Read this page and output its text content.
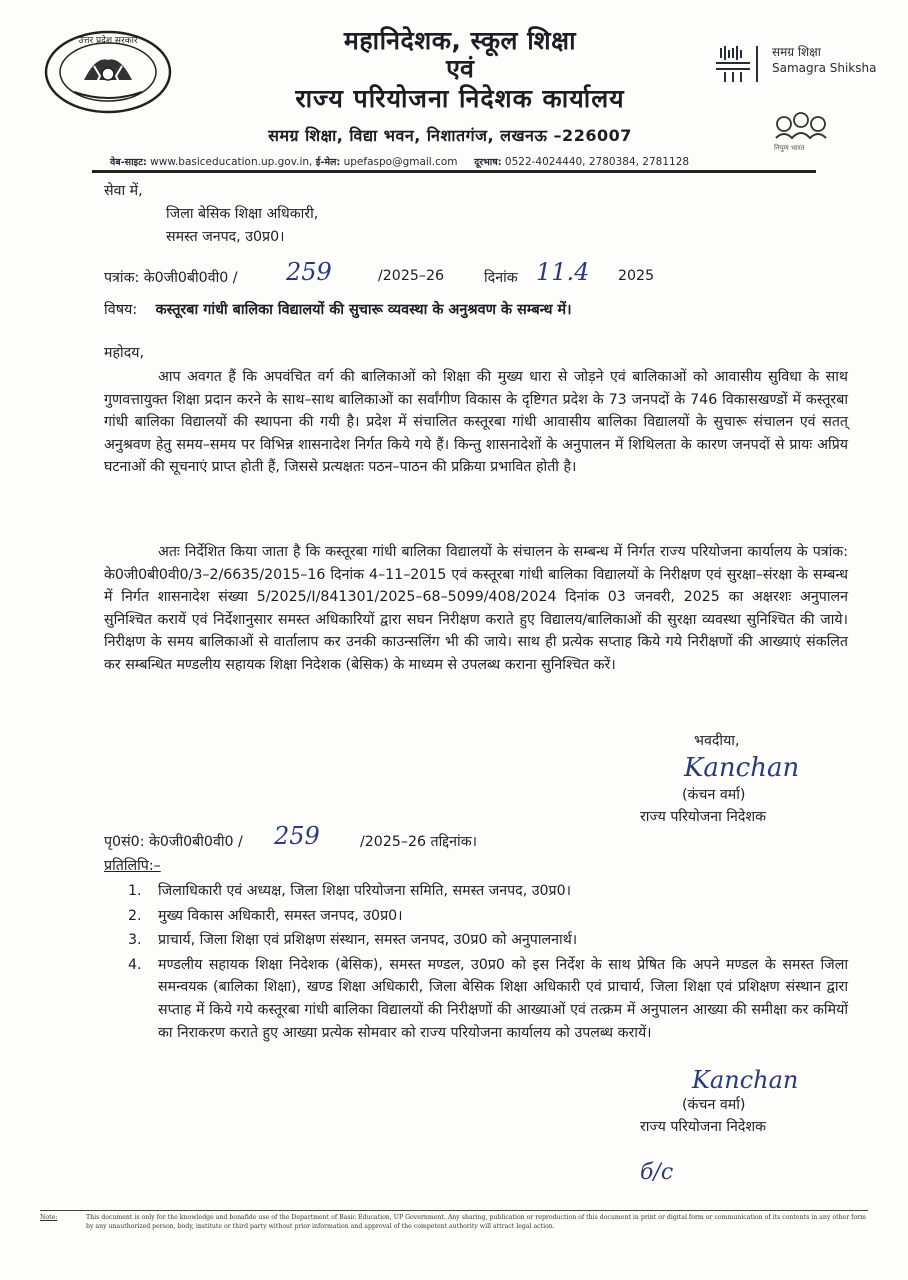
उत्तर प्रदेश सरकार	महानिदेशक, स्कूल शिक्षा
एवं
राज्य परियोजना निदेशक कार्यालय
समग्र शिक्षा, विद्या भवन, निशातगंज, लखनऊ –226007
समग्र शिक्षा
Samagra Shiksha
निपुण भारत
वेब-साइट: www.basiceducation.up.gov.in, ई-मेल: upefaspo@gmail.com दूरभाष: 0522-4024440, 2780384, 2781128
सेवा में,
जिला बेसिक शिक्षा अधिकारी,
समस्त जनपद, उ0प्र0।
पत्रांक: के0जी0बी0वी0 / 259	/2025–26	दिनांक 11.4 2025
विषय: कस्तूरबा गांधी बालिका विद्यालयों की सुचारू व्यवस्था के अनुश्रवण के सम्बन्ध में।
महोदय,
आप अवगत हैं कि अपवंचित वर्ग की बालिकाओं को शिक्षा की मुख्य धारा से जोड़ने एवं बालिकाओं को आवासीय सुविधा के साथ गुणवत्तायुक्त शिक्षा प्रदान करने के साथ–साथ बालिकाओं का सर्वांगीण विकास के दृष्टिगत प्रदेश के 73 जनपदों के 746 विकासखण्डों में कस्तूरबा गांधी बालिका विद्यालयों की स्थापना की गयी है। प्रदेश में संचालित कस्तूरबा गांधी आवासीय बालिका विद्यालयों के सुचारू संचालन एवं सतत् अनुश्रवण हेतु समय–समय पर विभिन्न शासनादेश निर्गत किये गये हैं। किन्तु शासनादेशों के अनुपालन में शिथिलता के कारण जनपदों से प्रायः अप्रिय घटनाओं की सूचनाएं प्राप्त होती हैं, जिससे प्रत्यक्षतः पठन–पाठन की प्रक्रिया प्रभावित होती है।
अतः निर्देशित किया जाता है कि कस्तूरबा गांधी बालिका विद्यालयों के संचालन के सम्बन्ध में निर्गत राज्य परियोजना कार्यालय के पत्रांक: के0जी0बी0वी0/3–2/6635/2015–16 दिनांक 4–11–2015 एवं कस्तूरबा गांधी बालिका विद्यालयों के निरीक्षण एवं सुरक्षा–संरक्षा के सम्बन्ध में निर्गत शासनादेश संख्या 5/2025/I/841301/2025–68–5099/408/2024 दिनांक 03 जनवरी, 2025 का अक्षरशः अनुपालन सुनिश्चित करायें एवं निर्देशानुसार समस्त अधिकारियों द्वारा सघन निरीक्षण कराते हुए विद्यालय/बालिकाओं की सुरक्षा व्यवस्था सुनिश्चित की जाये। निरीक्षण के समय बालिकाओं से वार्तालाप कर उनकी काउन्सलिंग भी की जाये। साथ ही प्रत्येक सप्ताह किये गये निरीक्षणों की आख्याएं संकलित कर सम्बन्धित मण्डलीय सहायक शिक्षा निदेशक (बेसिक) के माध्यम से उपलब्ध कराना सुनिश्चित करें।
भवदीया,
Kanchan
(कंचन वर्मा)
राज्य परियोजना निदेशक
पृ0सं0: के0जी0बी0वी0 / 259	/2025–26 तद्दिनांक।
प्रतिलिपि:–
1.	जिलाधिकारी एवं अध्यक्ष, जिला शिक्षा परियोजना समिति, समस्त जनपद, उ0प्र0।
2.	मुख्य विकास अधिकारी, समस्त जनपद, उ0प्र0।
3.	प्राचार्य, जिला शिक्षा एवं प्रशिक्षण संस्थान, समस्त जनपद, उ0प्र0 को अनुपालनार्थ।
4.	मण्डलीय सहायक शिक्षा निदेशक (बेसिक), समस्त मण्डल, उ0प्र0 को इस निर्देश के साथ प्रेषित कि अपने मण्डल के समस्त जिला समन्वयक (बालिका शिक्षा), खण्ड शिक्षा अधिकारी, जिला बेसिक शिक्षा अधिकारी एवं प्राचार्य, जिला शिक्षा एवं प्रशिक्षण संस्थान द्वारा सप्ताह में किये गये कस्तूरबा गांधी बालिका विद्यालयों की निरीक्षणों की आख्याओं एवं तत्क्रम में अनुपालन आख्या की समीक्षा कर कमियों का निराकरण कराते हुए आख्या प्रत्येक सोमवार को राज्य परियोजना कार्यालय को उपलब्ध करायें।
Kanchan
(कंचन वर्मा)
राज्य परियोजना निदेशक
б/с
Note:	This document is only for the knowledge and bonafide use of the Department of Basic Education, UP Government. Any sharing, publication or reproduction of this document in print or digital form or communication of its contents in any other form by any unauthorized person, body, institute or third party without prior information and approval of the competent authority will attract legal action.
